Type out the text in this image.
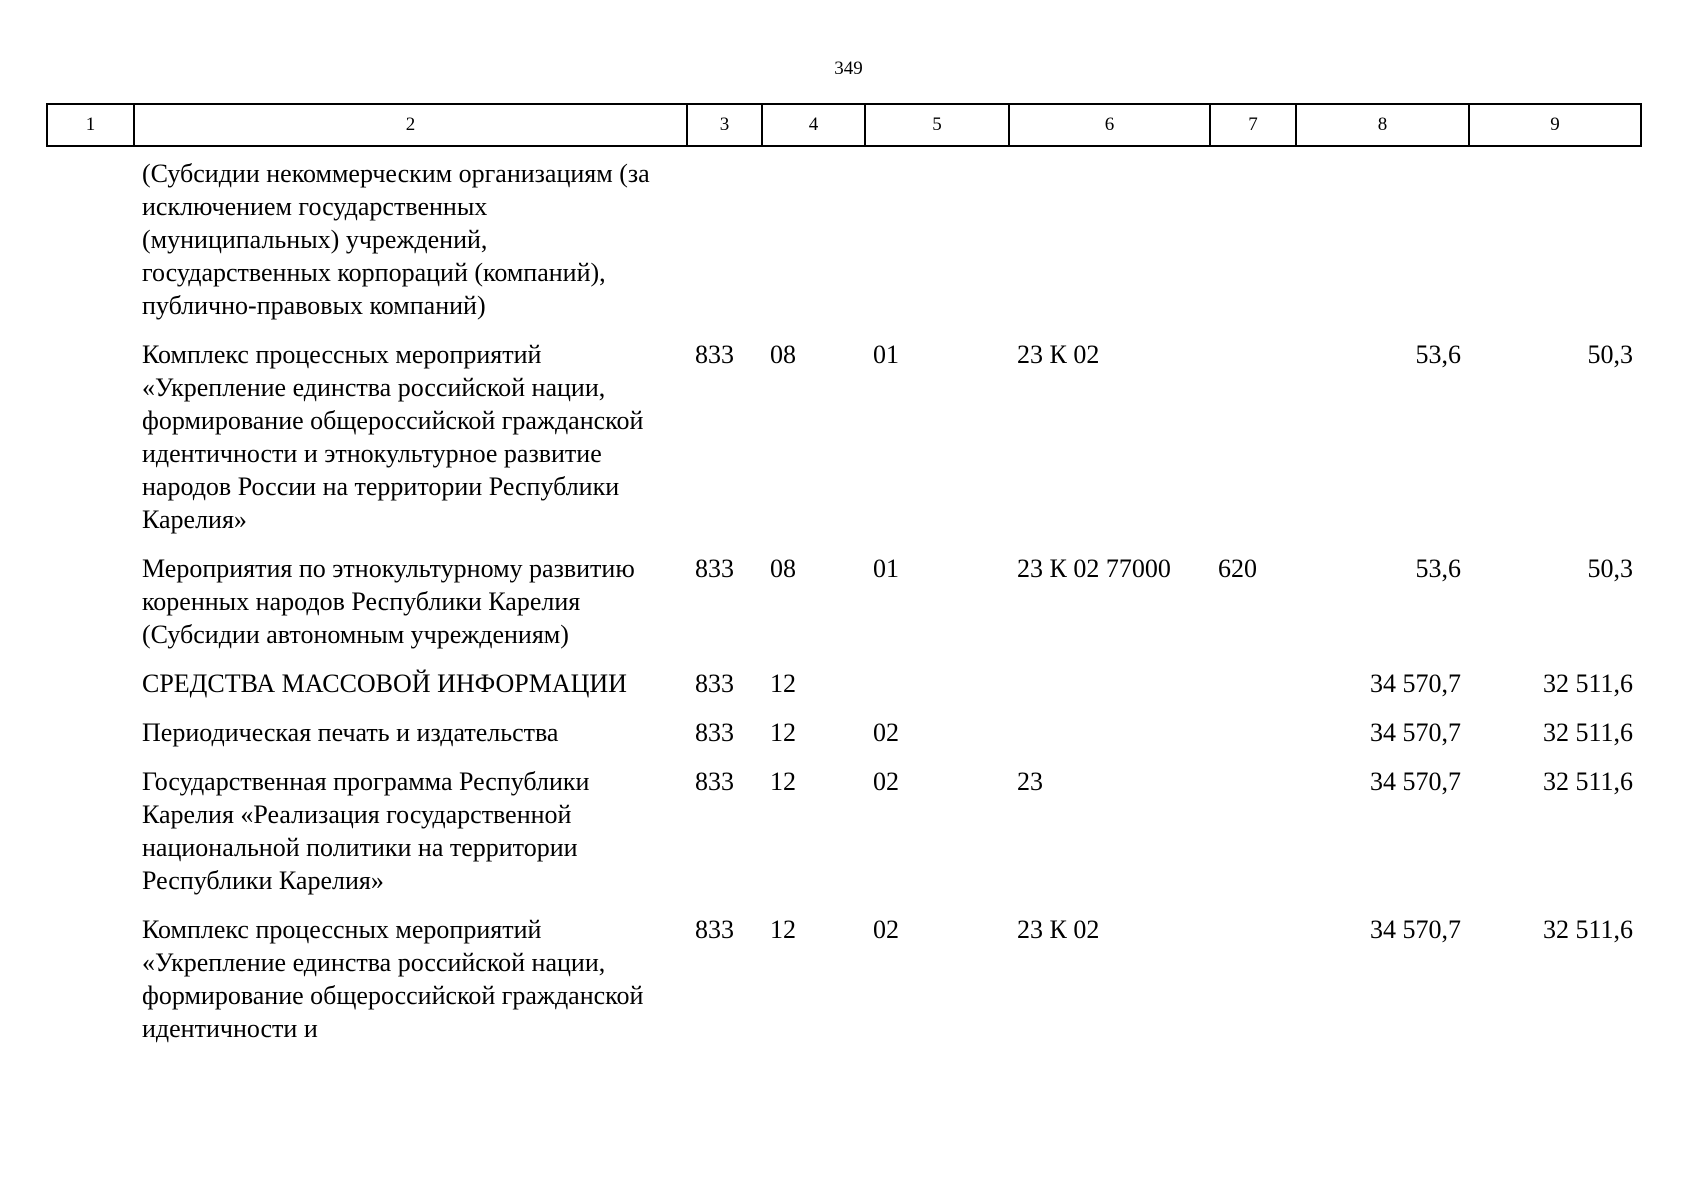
349
1	2	3	4	5	6	7	8	9
	(Субсидии некоммерческим организациям (за исключением государственных (муниципальных) учреждений, государственных корпораций (компаний), публично-правовых компаний)							
	Комплекс процессных мероприятий «Укрепление единства российской нации, формирование общероссийской гражданской идентичности и этнокультурное развитие народов России на территории Республики Карелия»	833	08	01	23 К 02		53,6	50,3
	Мероприятия по этнокультурному развитию коренных народов Республики Карелия (Субсидии автономным учреждениям)	833	08	01	23 К 02 77000	620	53,6	50,3
	СРЕДСТВА МАССОВОЙ ИНФОРМАЦИИ	833	12				34 570,7	32 511,6
	Периодическая печать и издательства	833	12	02			34 570,7	32 511,6
	Государственная программа Республики Карелия «Реализация государственной национальной политики на территории Республики Карелия»	833	12	02	23		34 570,7	32 511,6
	Комплекс процессных мероприятий «Укрепление единства российской нации, формирование общероссийской гражданской идентичности и	833	12	02	23 К 02		34 570,7	32 511,6
